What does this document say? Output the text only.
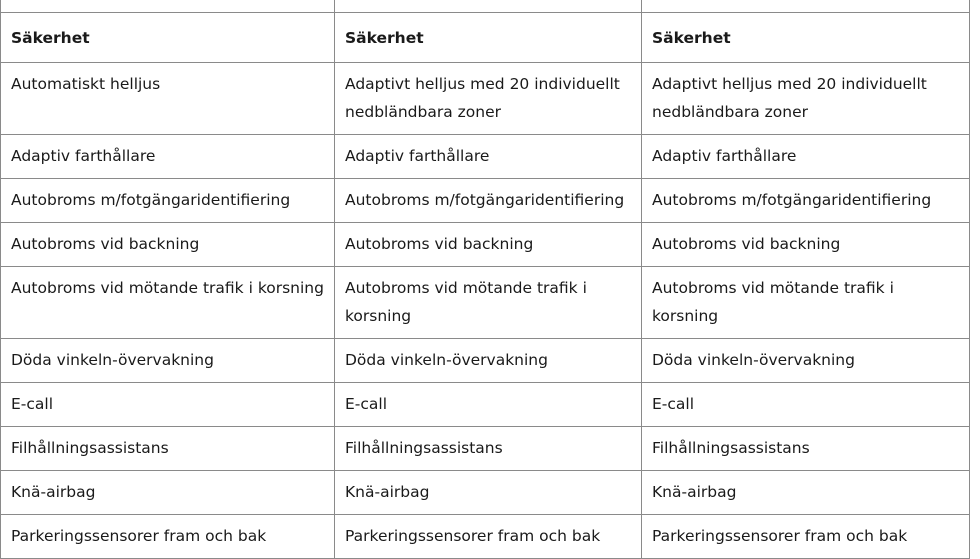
Säkerhet	Säkerhet	Säkerhet
Automatiskt helljus	Adaptivt helljus med 20 individuellt nedbländbara zoner	Adaptivt helljus med 20 individuellt nedbländbara zoner
Adaptiv farthållare	Adaptiv farthållare	Adaptiv farthållare
Autobroms m/fotgängaridentifiering	Autobroms m/fotgängaridentifiering	Autobroms m/fotgängaridentifiering
Autobroms vid backning	Autobroms vid backning	Autobroms vid backning
Autobroms vid mötande trafik i korsning	Autobroms vid mötande trafik i korsning	Autobroms vid mötande trafik i korsning
Döda vinkeln-övervakning	Döda vinkeln-övervakning	Döda vinkeln-övervakning
E-call	E-call	E-call
Filhållningsassistans	Filhållningsassistans	Filhållningsassistans
Knä-airbag	Knä-airbag	Knä-airbag
Parkeringssensorer fram och bak	Parkeringssensorer fram och bak	Parkeringssensorer fram och bak
